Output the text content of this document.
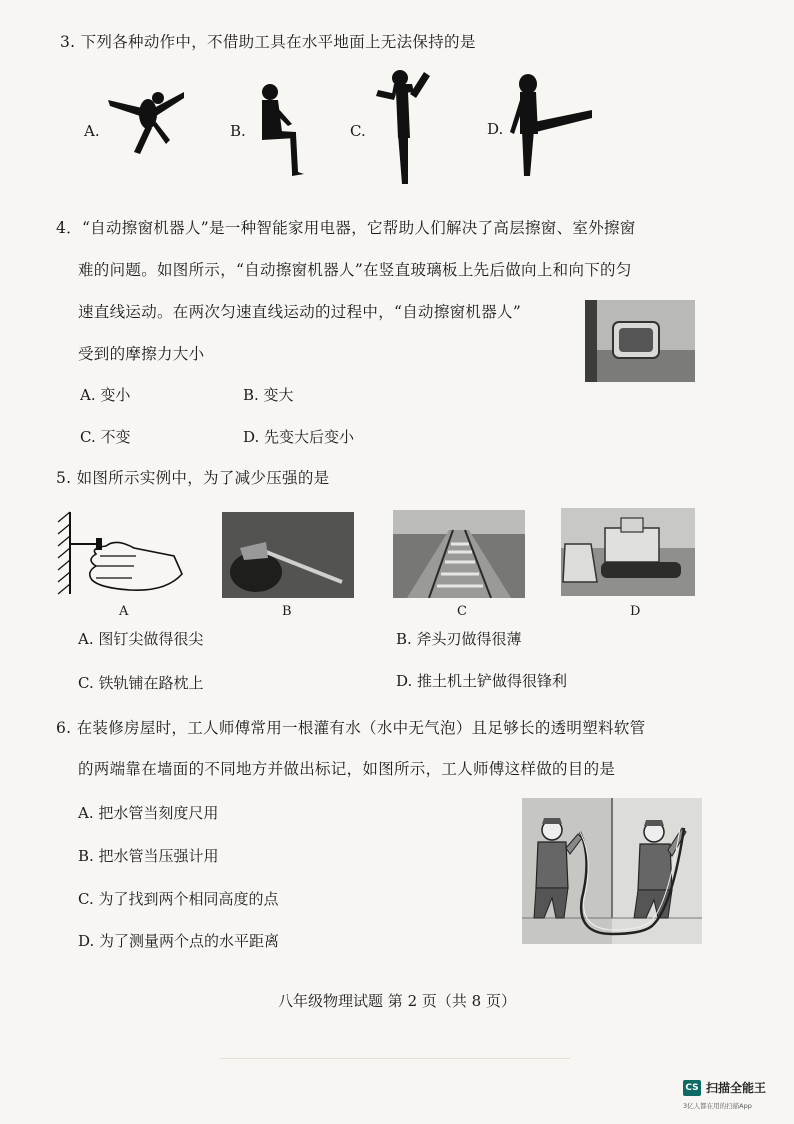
3. 下列各种动作中，不借助工具在水平地面上无法保持的是
A.	B.	C.	D.
4．“自动擦窗机器人”是一种智能家用电器，它帮助人们解决了高层擦窗、室外擦窗
难的问题。如图所示，“自动擦窗机器人”在竖直玻璃板上先后做向上和向下的匀
速直线运动。在两次匀速直线运动的过程中，“自动擦窗机器人”
受到的摩擦力大小
A. 变小	B. 变大
C. 不变	D. 先变大后变小
5. 如图所示实例中，为了减少压强的是
A	B	C	D
A. 图钉尖做得很尖	B. 斧头刃做得很薄
C. 铁轨铺在路枕上	D. 推土机土铲做得很锋利
6. 在装修房屋时，工人师傅常用一根灌有水（水中无气泡）且足够长的透明塑料软管
的两端靠在墙面的不同地方并做出标记，如图所示，工人师傅这样做的目的是
A. 把水管当刻度尺用
B. 把水管当压强计用
C. 为了找到两个相同高度的点
D. 为了测量两个点的水平距离
八年级物理试题 第 2 页（共 8 页）
CS 扫描全能王
3亿人都在用的扫描App
